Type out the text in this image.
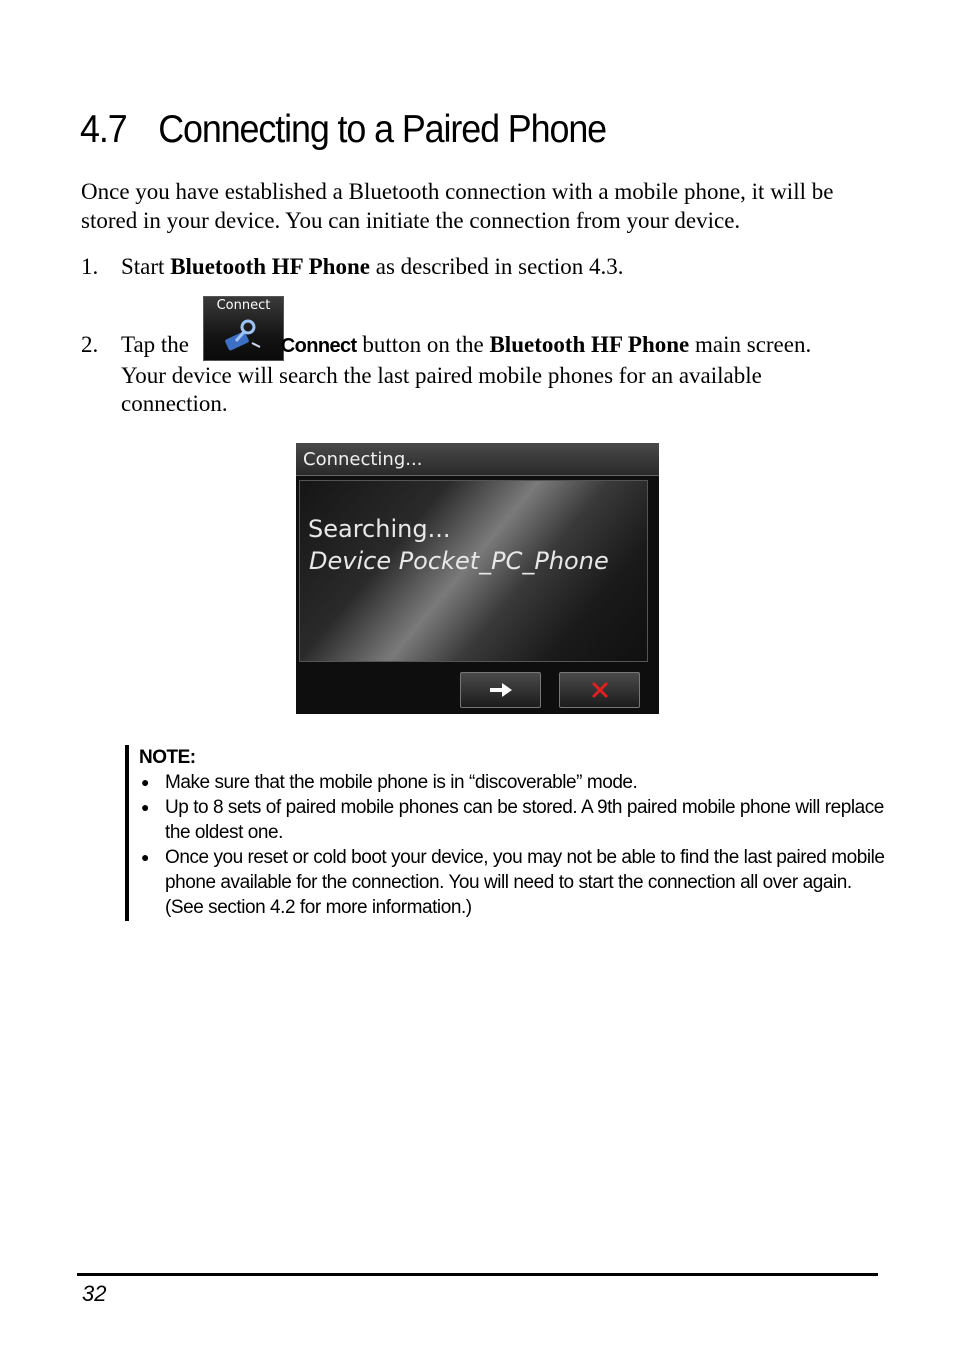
4.7 Connecting to a Paired Phone
Once you have established a Bluetooth connection with a mobile phone, it will be stored in your device. You can initiate the connection from your device.
1. Start Bluetooth HF Phone as described in section 4.3.
Connect
2. Tap the	Connect button on the Bluetooth HF Phone main screen.
Your device will search the last paired mobile phones for an available
connection.
Connecting...
Searching...
Device Pocket_PC_Phone
NOTE:
● Make sure that the mobile phone is in “discoverable” mode.
● Up to 8 sets of paired mobile phones can be stored. A 9th paired mobile phone will replace the oldest one.
● Once you reset or cold boot your device, you may not be able to find the last paired mobile phone available for the connection. You will need to start the connection all over again. (See section 4.2 for more information.)
32
